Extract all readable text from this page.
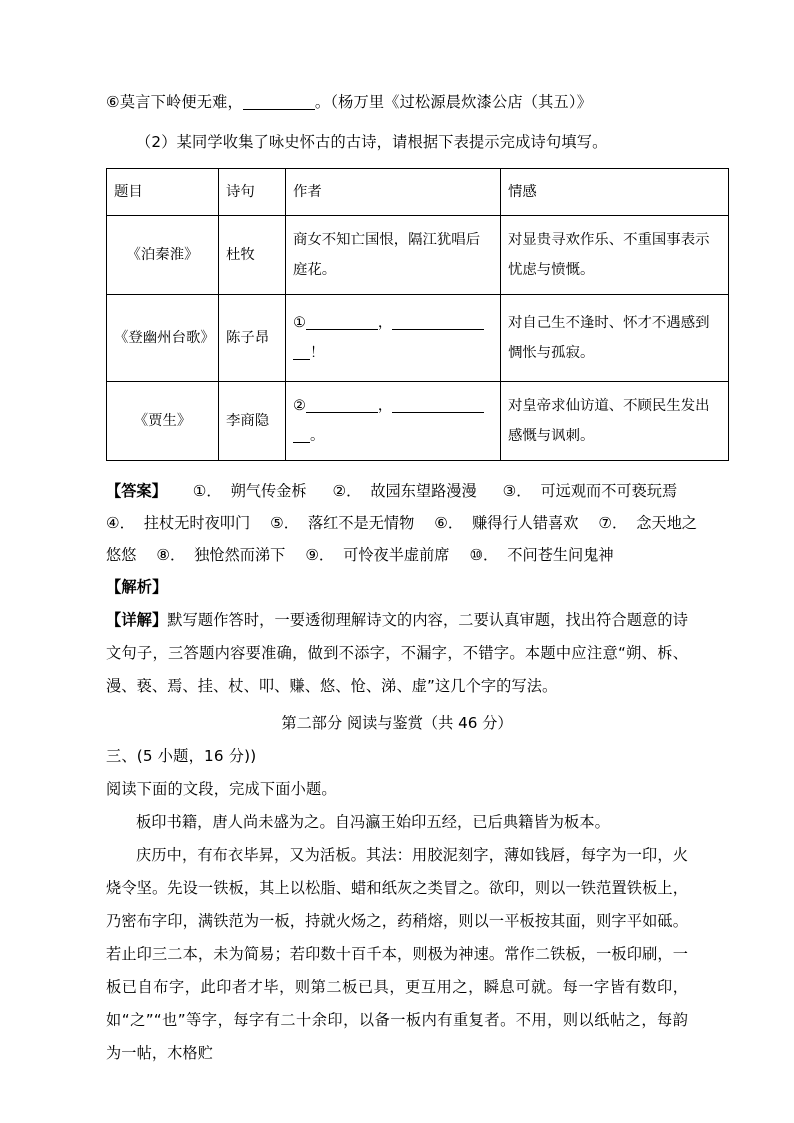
⑥莫言下岭便无难，	。（杨万里《过松源晨炊漆公店（其五）》
（2）某同学收集了咏史怀古的古诗，请根据下表提示完成诗句填写。
题目	诗句	作者	情感
《泊秦淮》	杜牧	商女不知亡国恨，隔江犹唱后庭花。	对显贵寻欢作乐、不重国事表示忧虑与愤慨。
《登幽州台歌》	陈子昂	① ，！	对自己生不逢时、怀才不遇感到惆怅与孤寂。
《贾生》	李商隐	② ，。	对皇帝求仙访道、不顾民生发出感慨与讽刺。
【答案】 ①． 朔气传金柝 ②． 故园东望路漫漫 ③． 可远观而不可亵玩焉
④． 拄杖无时夜叩门 ⑤． 落红不是无情物 ⑥． 赚得行人错喜欢 ⑦． 念天地之
悠悠 ⑧． 独怆然而涕下 ⑨． 可怜夜半虚前席 ⑩． 不问苍生问鬼神
【解析】
【详解】默写题作答时，一要透彻理解诗文的内容，二要认真审题，找出符合题意的诗文句子，三答题内容要准确，做到不添字，不漏字，不错字。本题中应注意“朔、柝、漫、亵、焉、挂、杖、叩、赚、悠、怆、涕、虚”这几个字的写法。
第二部分 阅读与鉴赏（共 46 分）
三、(5 小题，16 分))
阅读下面的文段，完成下面小题。
板印书籍，唐人尚未盛为之。自冯瀛王始印五经，已后典籍皆为板本。
庆历中，有布衣毕昇，又为活板。其法：用胶泥刻字，薄如钱唇，每字为一印，火烧令坚。先设一铁板，其上以松脂、蜡和纸灰之类冒之。欲印，则以一铁范置铁板上，乃密布字印，满铁范为一板，持就火炀之，药稍熔，则以一平板按其面，则字平如砥。若止印三二本，未为简易；若印数十百千本，则极为神速。常作二铁板，一板印刷，一板已自布字，此印者才毕，则第二板已具，更互用之，瞬息可就。每一字皆有数印，如“之”“也”等字，每字有二十余印，以备一板内有重复者。不用，则以纸帖之，每韵为一帖，木格贮
